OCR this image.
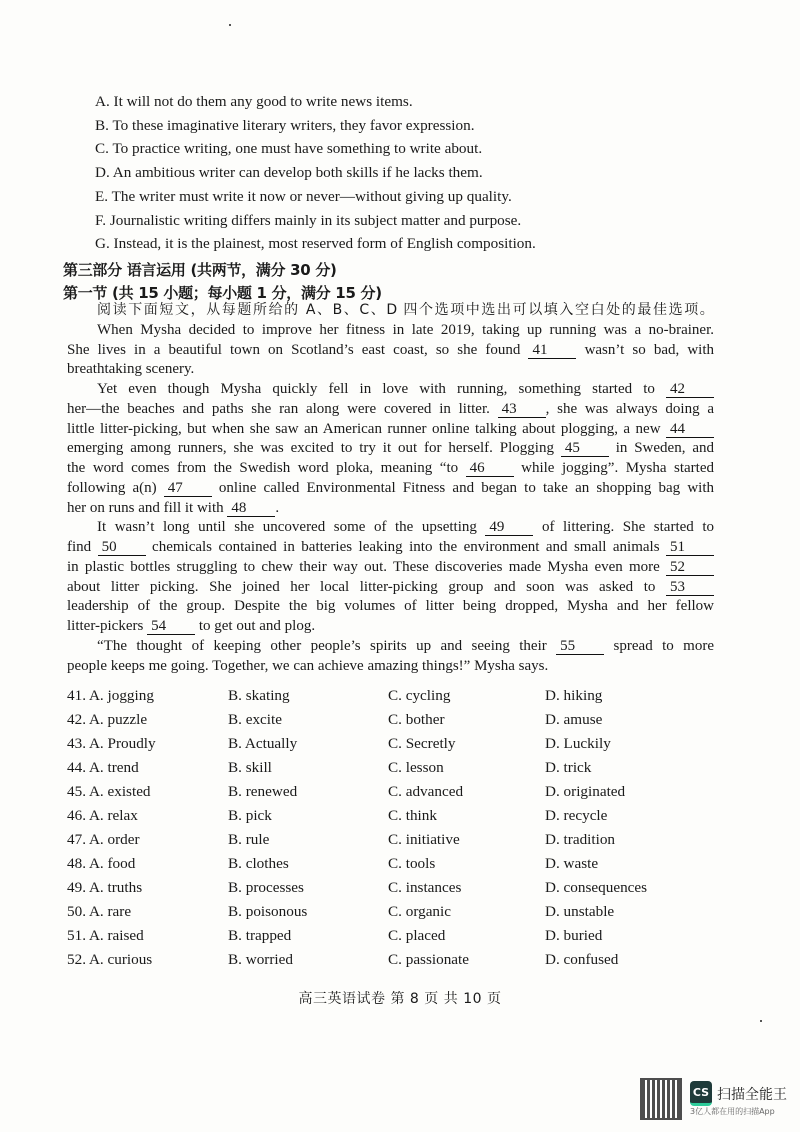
A. It will not do them any good to write news items.
B. To these imaginative literary writers, they favor expression.
C. To practice writing, one must have something to write about.
D. An ambitious writer can develop both skills if he lacks them.
E. The writer must write it now or never—without giving up quality.
F. Journalistic writing differs mainly in its subject matter and purpose.
G. Instead, it is the plainest, most reserved form of English composition.
第三部分 语言运用 (共两节，满分 30 分)
第一节 (共 15 小题；每小题 1 分，满分 15 分)
阅读下面短文，从每题所给的 A、B、C、D 四个选项中选出可以填入空白处的最佳选项。
When Mysha decided to improve her fitness in late 2019, taking up running was a no-brainer.
She lives in a beautiful town on Scotland’s east coast, so she found 41 wasn’t so bad, with
breathtaking scenery.
Yet even though Mysha quickly fell in love with running, something started to 42
her—the beaches and paths she ran along were covered in litter. 43 , she was always doing a
little litter-picking, but when she saw an American runner online talking about plogging, a new 44
emerging among runners, she was excited to try it out for herself. Plogging 45 in Sweden, and
the word comes from the Swedish word ploka, meaning “to 46 while jogging”. Mysha started
following a(n) 47 online called Environmental Fitness and began to take an shopping bag with
her on runs and fill it with 48 .
It wasn’t long until she uncovered some of the upsetting 49 of littering. She started to
find 50 chemicals contained in batteries leaking into the environment and small animals 51
in plastic bottles struggling to chew their way out. These discoveries made Mysha even more 52
about litter picking. She joined her local litter-picking group and soon was asked to 53
leadership of the group. Despite the big volumes of litter being dropped, Mysha and her fellow
litter-pickers 54 to get out and plog.
“The thought of keeping other people’s spirits up and seeing their 55 spread to more
people keeps me going. Together, we can achieve amazing things!” Mysha says.
41. A. jogging	B. skating	C. cycling	D. hiking
42. A. puzzle	B. excite	C. bother	D. amuse
43. A. Proudly	B. Actually	C. Secretly	D. Luckily
44. A. trend	B. skill	C. lesson	D. trick
45. A. existed	B. renewed	C. advanced	D. originated
46. A. relax	B. pick	C. think	D. recycle
47. A. order	B. rule	C. initiative	D. tradition
48. A. food	B. clothes	C. tools	D. waste
49. A. truths	B. processes	C. instances	D. consequences
50. A. rare	B. poisonous	C. organic	D. unstable
51. A. raised	B. trapped	C. placed	D. buried
52. A. curious	B. worried	C. passionate	D. confused
高三英语试卷 第 8 页 共 10 页
CS 扫描全能王
3亿人都在用的扫描App
